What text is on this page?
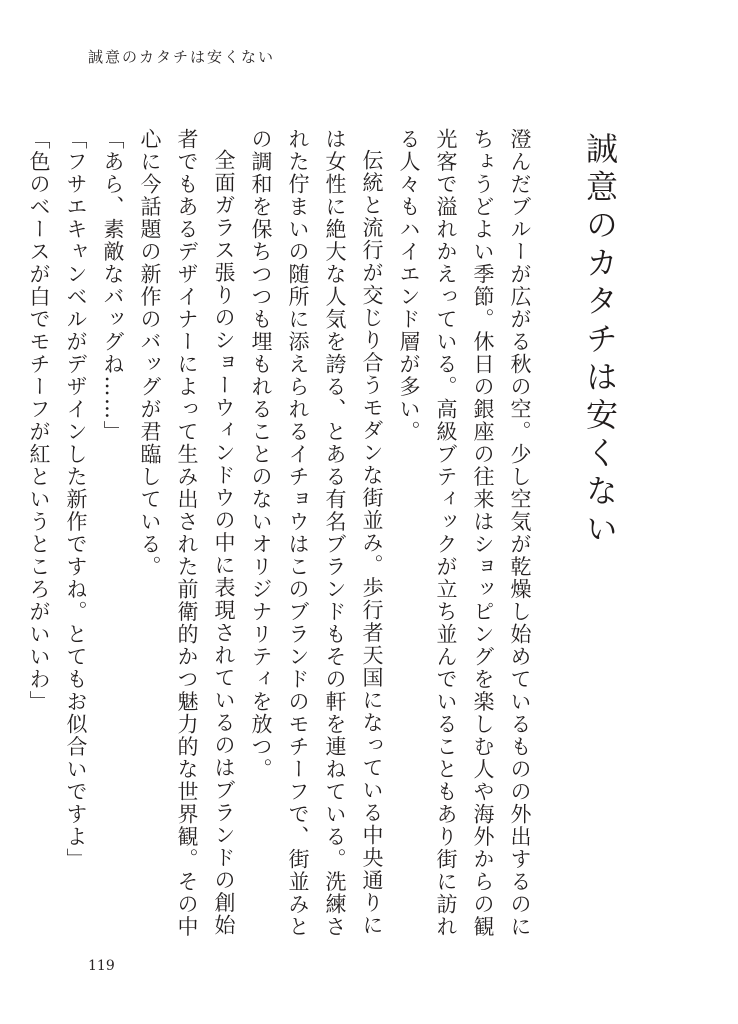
誠意のカタチは安くない
誠意のカタチは安くない

澄んだブルーが広がる秋の空。少し空気が乾燥し始めているものの外出するのにちょうどよい季節。休日の銀座の往来はショッピングを楽しむ人や海外からの観光客で溢れかえっている。高級ブティックが立ち並んでいることもあり街に訪れる人々もハイエンド層が多い。

伝統と流行が交じり合うモダンな街並み。歩行者天国になっている中央通りには女性に絶大な人気を誇る、とある有名ブランドもその軒を連ねている。洗練された佇まいの随所に添えられるイチョウはこのブランドのモチーフで、街並みとの調和を保ちつつも埋もれることのないオリジナリティを放つ。

全面ガラス張りのショーウィンドウの中に表現されているのはブランドの創始者でもあるデザイナーによって生み出された前衛的かつ魅力的な世界観。その中心に今話題の新作のバッグが君臨している。

「あら、素敵なバッグね……」

「フサエキャンベルがデザインした新作ですね。とてもお似合いですよ」

「色のベースが白でモチーフが紅というところがいいわ」

119
